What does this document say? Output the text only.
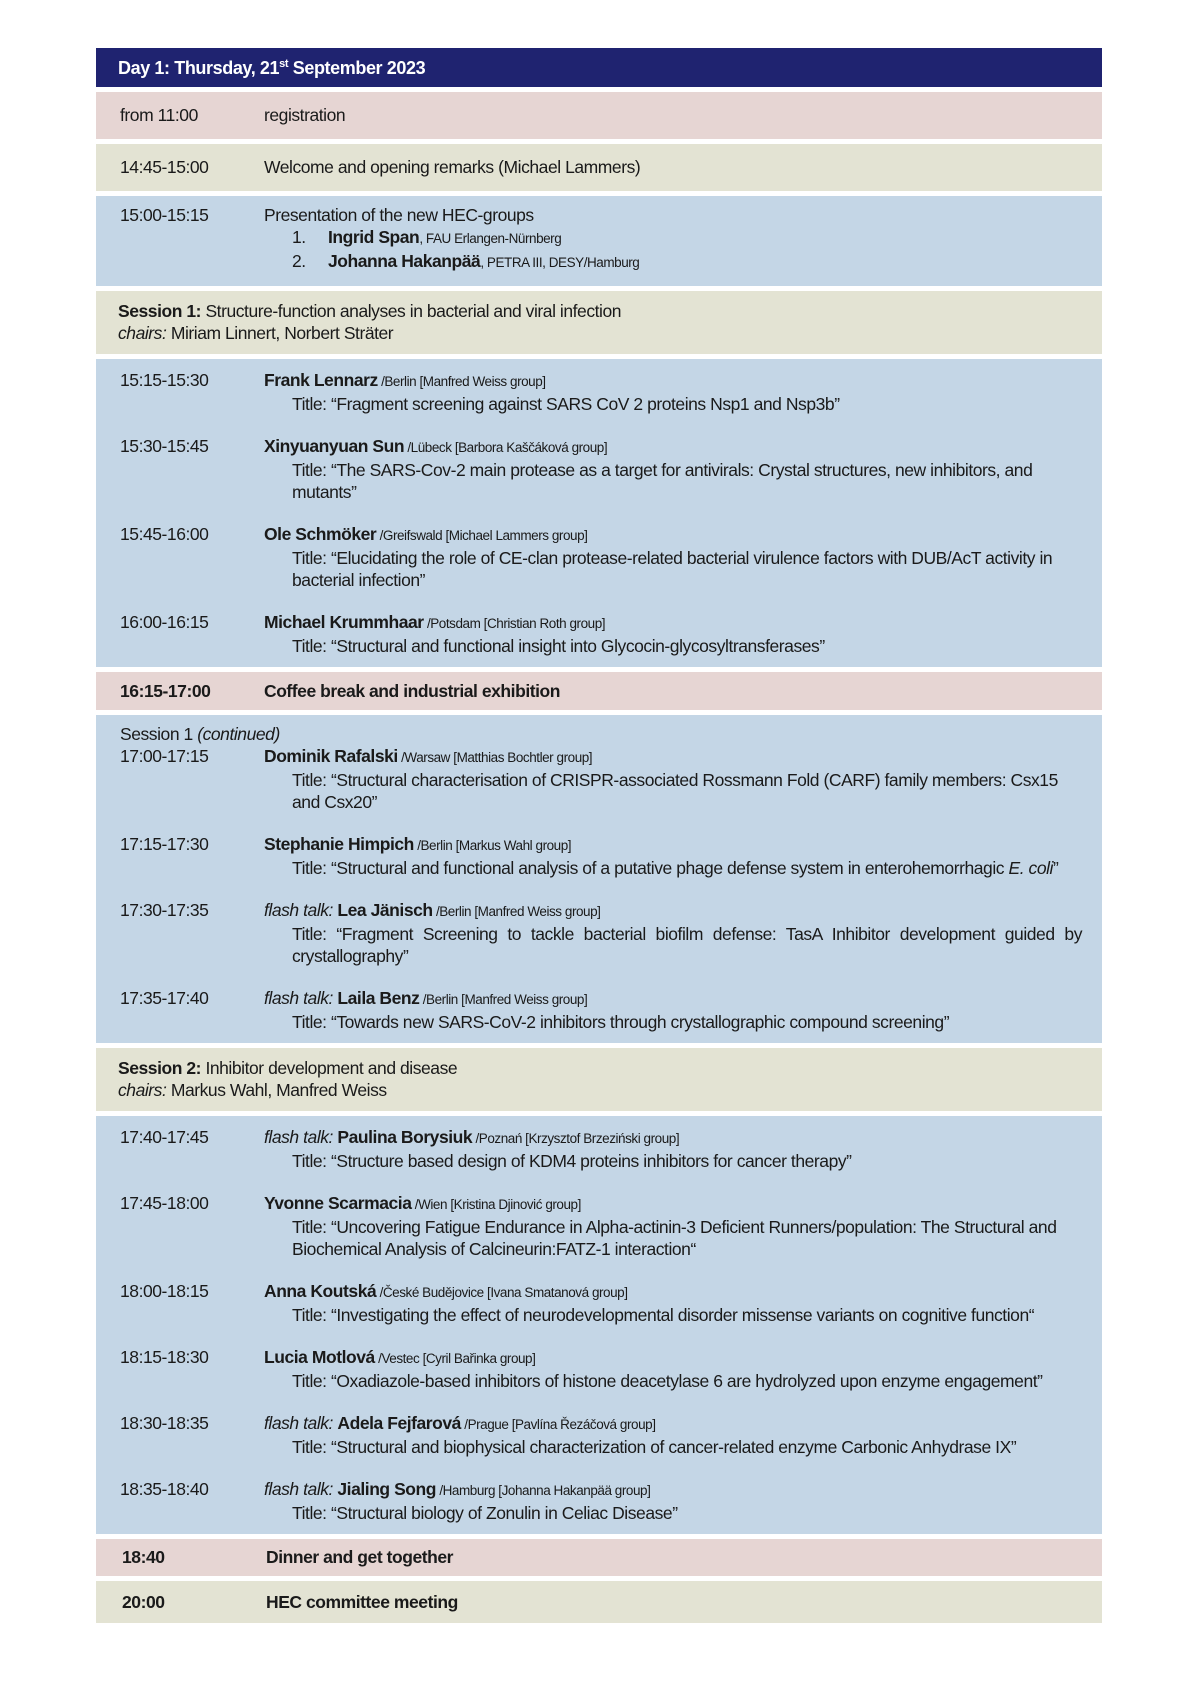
Day 1: Thursday, 21st September 2023
from 11:00	registration
14:45-15:00	Welcome and opening remarks (Michael Lammers)
15:00-15:15	Presentation of the new HEC-groups
1. Ingrid Span, FAU Erlangen-Nürnberg
2. Johanna Hakanpää, PETRA III, DESY/Hamburg
Session 1: Structure-function analyses in bacterial and viral infection
chairs: Miriam Linnert, Norbert Sträter
15:15-15:30	Frank Lennarz /Berlin [Manfred Weiss group]
Title: “Fragment screening against SARS CoV 2 proteins Nsp1 and Nsp3b”
15:30-15:45	Xinyuanyuan Sun /Lübeck [Barbora Kaščáková group]
Title: “The SARS-Cov-2 main protease as a target for antivirals: Crystal structures, new inhibitors, and mutants”
15:45-16:00	Ole Schmöker /Greifswald [Michael Lammers group]
Title: “Elucidating the role of CE-clan protease-related bacterial virulence factors with DUB/AcT activity in bacterial infection”
16:00-16:15	Michael Krummhaar /Potsdam [Christian Roth group]
Title: “Structural and functional insight into Glycocin-glycosyltransferases”
16:15-17:00	Coffee break and industrial exhibition
Session 1 (continued)
17:00-17:15	Dominik Rafalski /Warsaw [Matthias Bochtler group]
Title: “Structural characterisation of CRISPR-associated Rossmann Fold (CARF) family members: Csx15 and Csx20”
17:15-17:30	Stephanie Himpich /Berlin [Markus Wahl group]
Title: “Structural and functional analysis of a putative phage defense system in enterohemorrhagic E. coli”
17:30-17:35	flash talk: Lea Jänisch /Berlin [Manfred Weiss group]
Title: “Fragment Screening to tackle bacterial biofilm defense: TasA Inhibitor development guided by crystallography”
17:35-17:40	flash talk: Laila Benz /Berlin [Manfred Weiss group]
Title: “Towards new SARS-CoV-2 inhibitors through crystallographic compound screening”
Session 2: Inhibitor development and disease
chairs: Markus Wahl, Manfred Weiss
17:40-17:45	flash talk: Paulina Borysiuk /Poznań [Krzysztof Brzeziński group]
Title: “Structure based design of KDM4 proteins inhibitors for cancer therapy”
17:45-18:00	Yvonne Scarmacia /Wien [Kristina Djinović group]
Title: “Uncovering Fatigue Endurance in Alpha-actinin-3 Deficient Runners/population: The Structural and Biochemical Analysis of Calcineurin:FATZ-1 interaction“
18:00-18:15	Anna Koutská /České Budějovice [Ivana Smatanová group]
Title: “Investigating the effect of neurodevelopmental disorder missense variants on cognitive function“
18:15-18:30	Lucia Motlová /Vestec [Cyril Bařinka group]
Title: “Oxadiazole-based inhibitors of histone deacetylase 6 are hydrolyzed upon enzyme engagement”
18:30-18:35	flash talk: Adela Fejfarová /Prague [Pavlína Řezáčová group]
Title: “Structural and biophysical characterization of cancer-related enzyme Carbonic Anhydrase IX”
18:35-18:40	flash talk: Jialing Song /Hamburg [Johanna Hakanpää group]
Title: “Structural biology of Zonulin in Celiac Disease”
18:40	Dinner and get together
20:00	HEC committee meeting
